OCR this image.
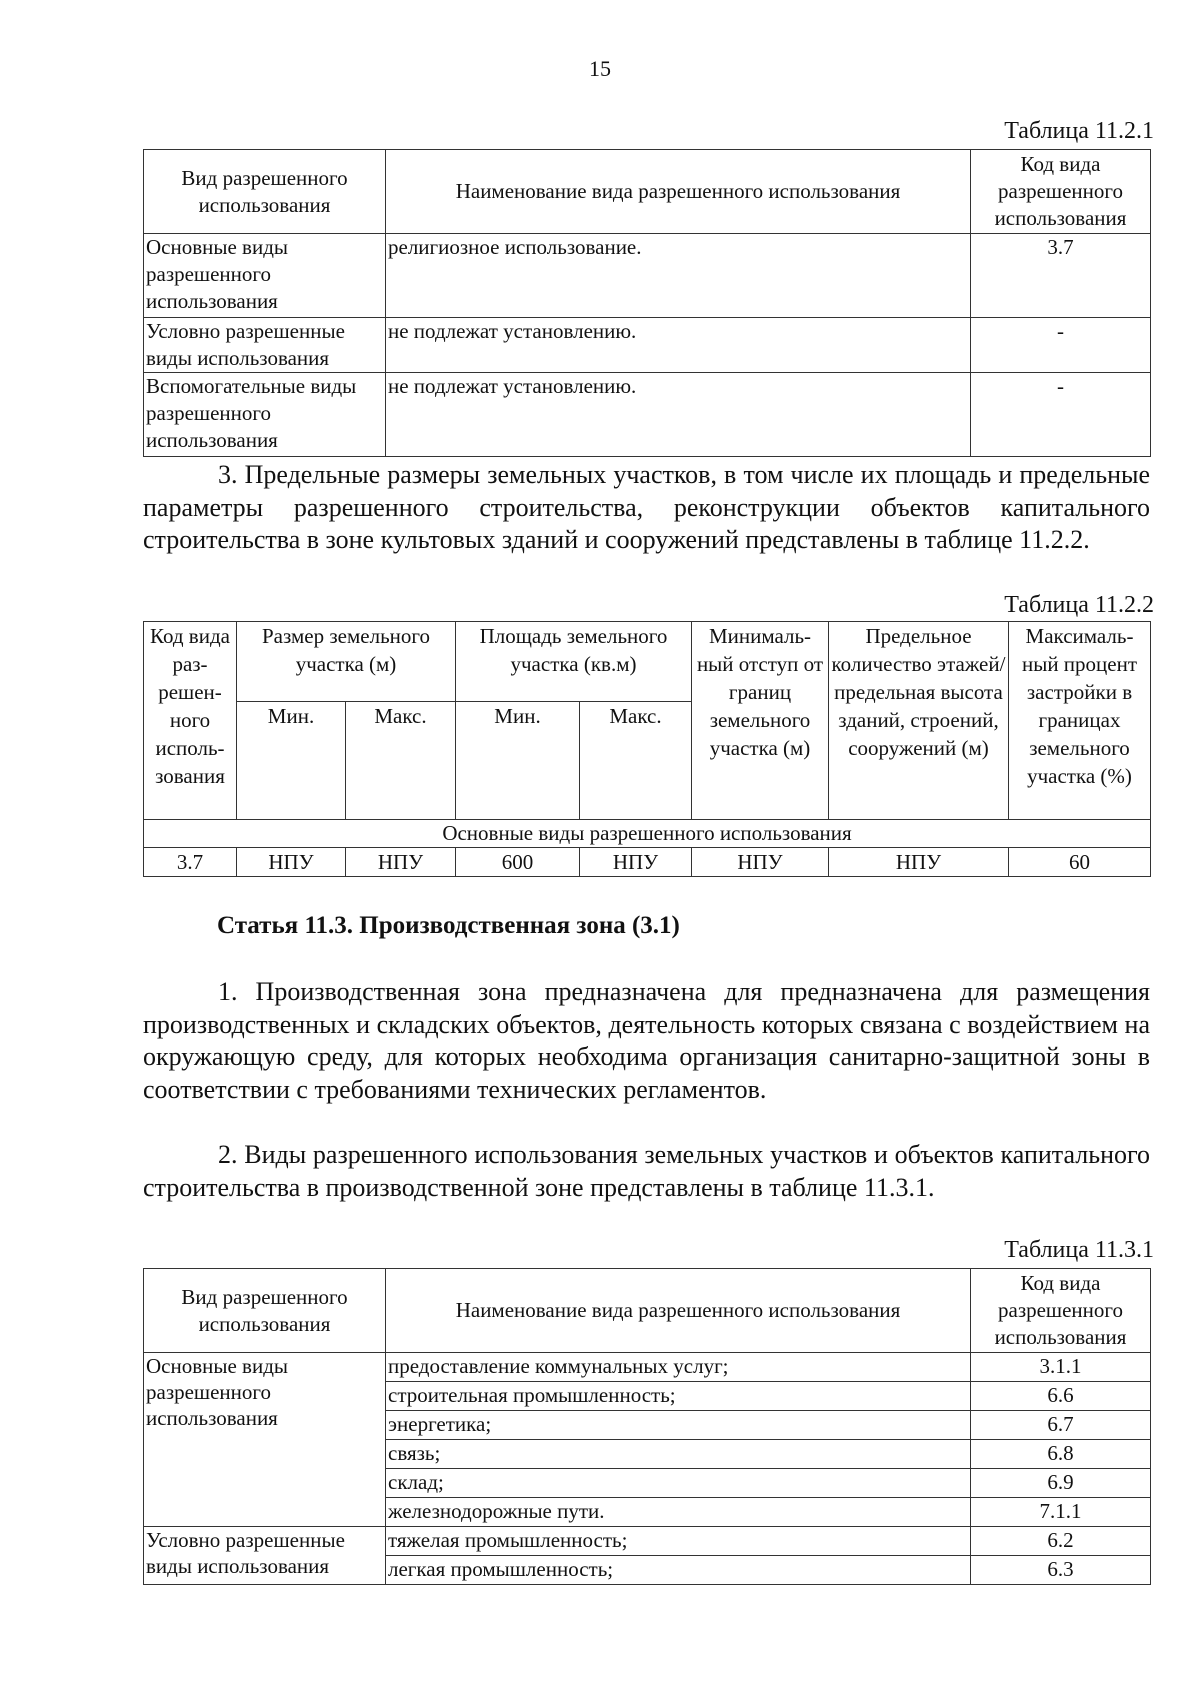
15
Таблица 11.2.1
Вид разрешенного использования	Наименование вида разрешенного использования	Код вида разрешенного использования
Основные виды разрешенного использования	религиозное использование.	3.7
Условно разрешенные виды использования	не подлежат установлению.	-
Вспомогательные виды разрешенного использования	не подлежат установлению.	-

3. Предельные размеры земельных участков, в том числе их площадь и предельные параметры разрешенного строительства, реконструкции объектов капитального строительства в зоне культовых зданий и сооружений представлены в таблице 11.2.2.

Таблица 11.2.2
Код вида раз-решен-ного исполь-зования	Размер земельного участка (м)		Площадь земельного участка (кв.м)		Минималь-ный отступ от границ земельного участка (м)	Предельное количество этажей/ предельная высота зданий, строений, сооружений (м)	Максималь-ный процент застройки в границах земельного участка (%)
	Мин.	Макс.	Мин.	Макс.			
Основные виды разрешенного использования							
3.7	НПУ	НПУ	600	НПУ	НПУ	НПУ	60
Статья 11.3. Производственная зона (3.1)

1. Производственная зона предназначена для предназначена для размещения производственных и складских объектов, деятельность которых связана с воздействием на окружающую среду, для которых необходима организация санитарно-защитной зоны в соответствии с требованиями технических регламентов.

2. Виды разрешенного использования земельных участков и объектов капитального строительства в производственной зоне представлены в таблице 11.3.1.

Таблица 11.3.1
Вид разрешенного использования	Наименование вида разрешенного использования	Код вида разрешенного использования
Основные виды разрешенного использования	предоставление коммунальных услуг;	3.1.1
	строительная промышленность;	6.6
	энергетика;	6.7
	связь;	6.8
	склад;	6.9
	железнодорожные пути.	7.1.1
Условно разрешенные виды использования	тяжелая промышленность;	6.2
	легкая промышленность;	6.3
